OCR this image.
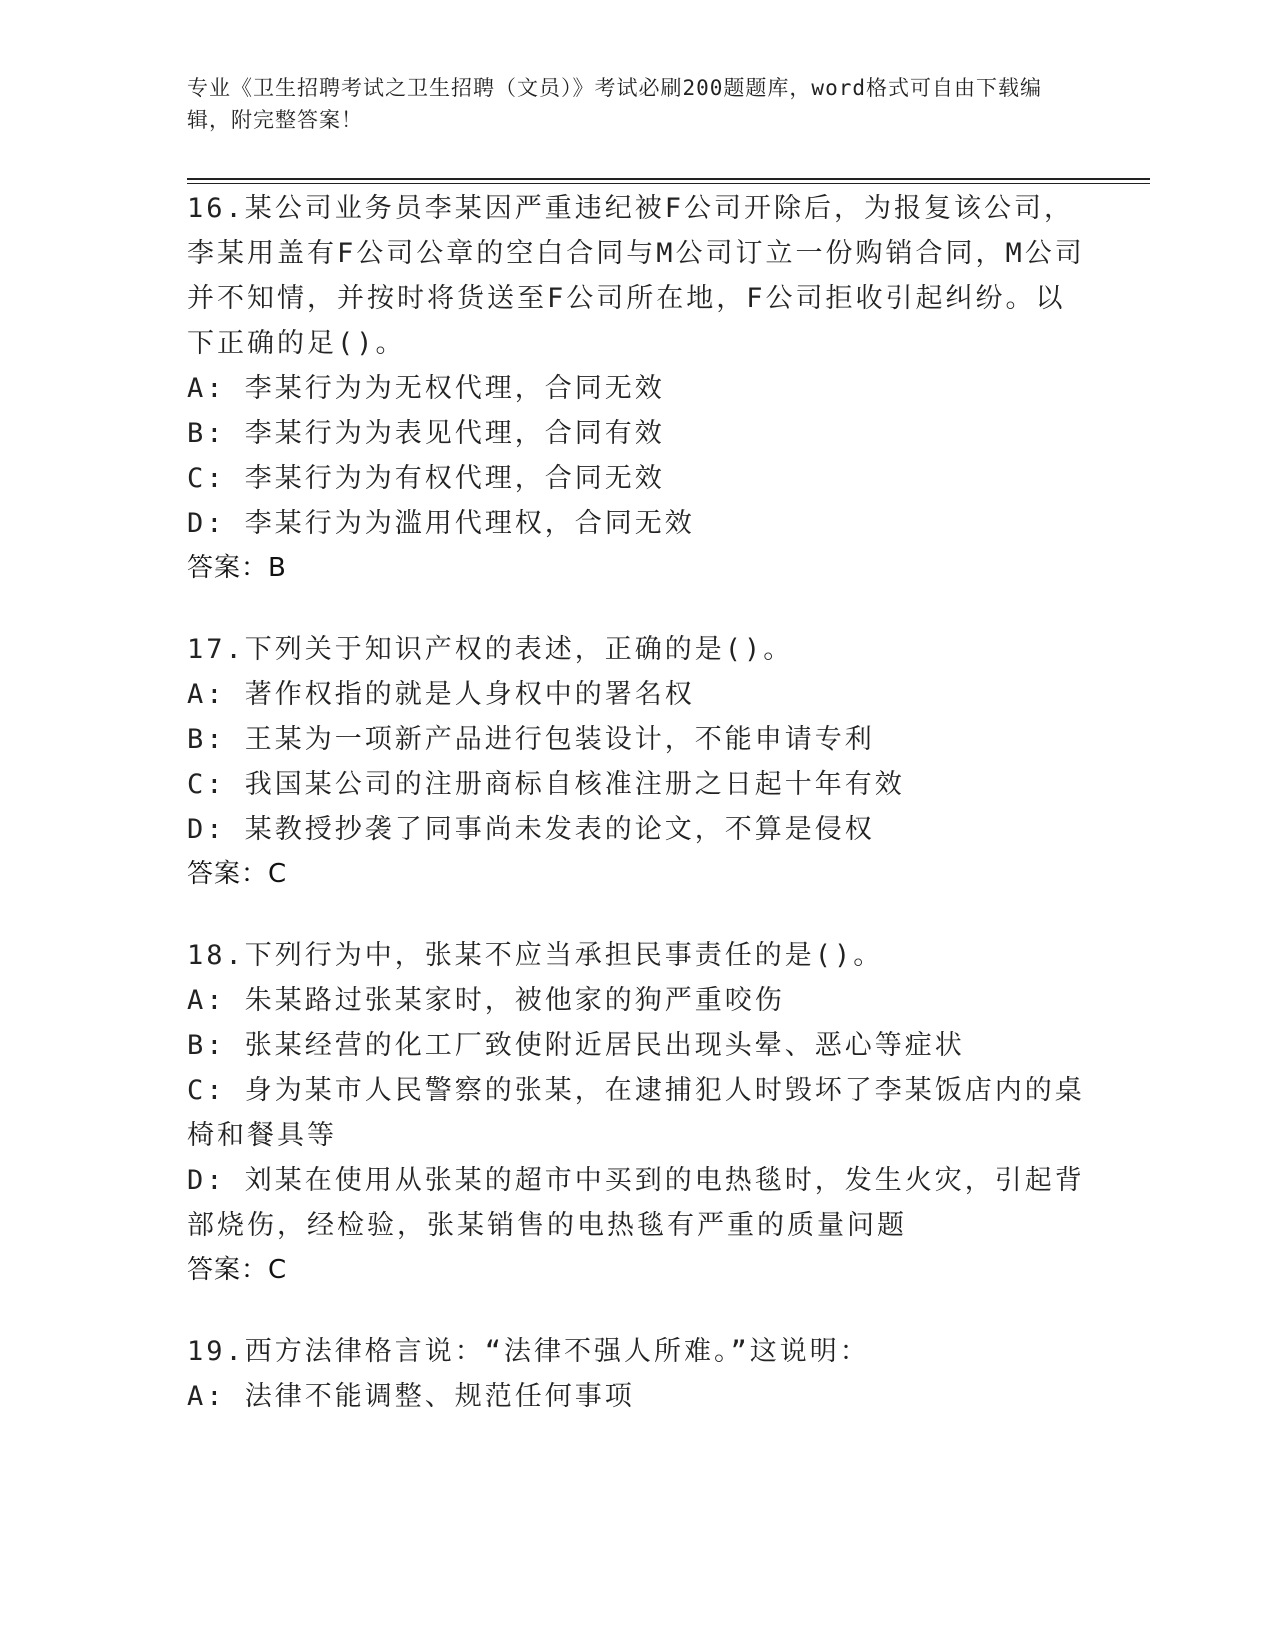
专业《卫生招聘考试之卫生招聘（文员）》考试必刷200题题库，word格式可自由下载编辑，附完整答案！

16.某公司业务员李某因严重违纪被F公司开除后，为报复该公司，李某用盖有F公司公章的空白合同与M公司订立一份购销合同，M公司并不知情，并按时将货送至F公司所在地，F公司拒收引起纠纷。以下正确的足()。

A: 李某行为为无权代理，合同无效

B: 李某行为为表见代理，合同有效

C: 李某行为为有权代理，合同无效

D: 李某行为为滥用代理权，合同无效

答案：B

17.下列关于知识产权的表述，正确的是()。

A: 著作权指的就是人身权中的署名权

B: 王某为一项新产品进行包装设计，不能申请专利

C: 我国某公司的注册商标自核准注册之日起十年有效

D: 某教授抄袭了同事尚未发表的论文，不算是侵权

答案：C

18.下列行为中，张某不应当承担民事责任的是()。

A: 朱某路过张某家时，被他家的狗严重咬伤

B: 张某经营的化工厂致使附近居民出现头晕、恶心等症状

C: 身为某市人民警察的张某，在逮捕犯人时毁坏了李某饭店内的桌椅和餐具等

D: 刘某在使用从张某的超市中买到的电热毯时，发生火灾，引起背部烧伤，经检验，张某销售的电热毯有严重的质量问题

答案：C

19.西方法律格言说：“法律不强人所难。”这说明：

A: 法律不能调整、规范任何事项
